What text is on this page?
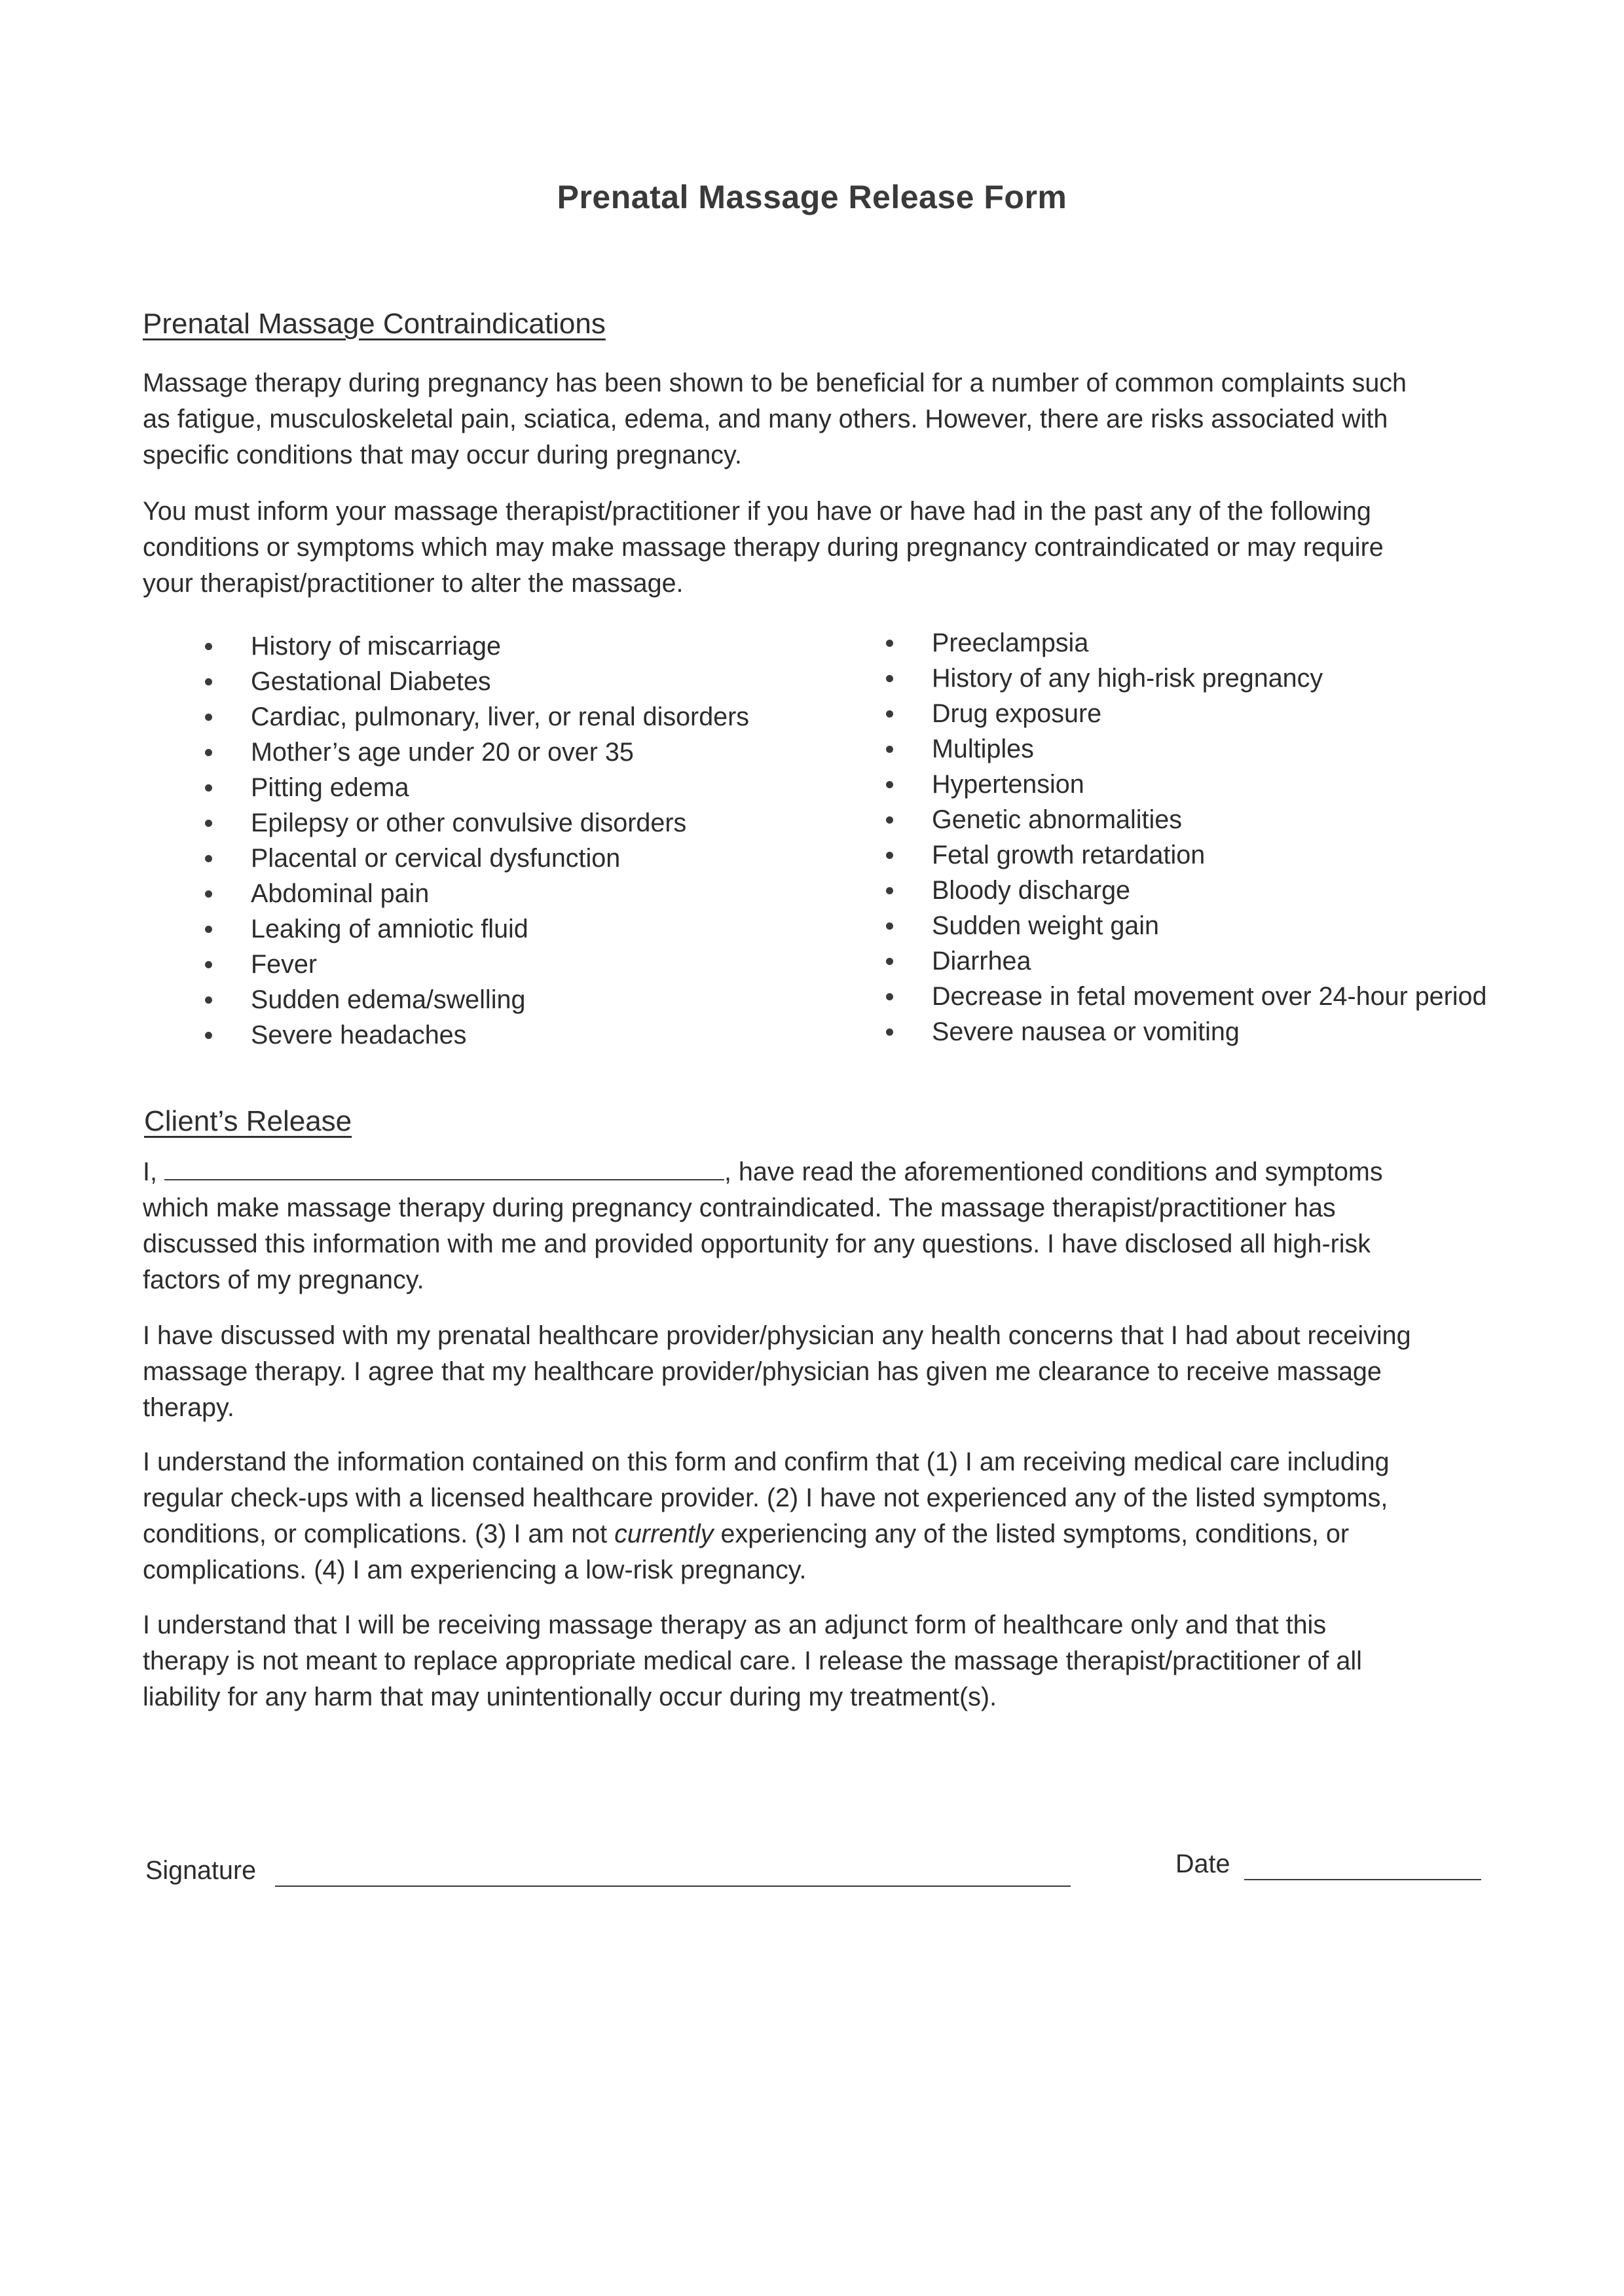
Prenatal Massage Release Form
Prenatal Massage Contraindications
Massage therapy during pregnancy has been shown to be beneficial for a number of common complaints such
as fatigue, musculoskeletal pain, sciatica, edema, and many others. However, there are risks associated with
specific conditions that may occur during pregnancy.
You must inform your massage therapist/practitioner if you have or have had in the past any of the following
conditions or symptoms which may make massage therapy during pregnancy contraindicated or may require
your therapist/practitioner to alter the massage.
History of miscarriage
Gestational Diabetes
Cardiac, pulmonary, liver, or renal disorders
Mother’s age under 20 or over 35
Pitting edema
Epilepsy or other convulsive disorders
Placental or cervical dysfunction
Abdominal pain
Leaking of amniotic fluid
Fever
Sudden edema/swelling
Severe headaches
Preeclampsia
History of any high-risk pregnancy
Drug exposure
Multiples
Hypertension
Genetic abnormalities
Fetal growth retardation
Bloody discharge
Sudden weight gain
Diarrhea
Decrease in fetal movement over 24-hour period
Severe nausea or vomiting
Client’s Release
I,	, have read the aforementioned conditions and symptoms
which make massage therapy during pregnancy contraindicated. The massage therapist/practitioner has
discussed this information with me and provided opportunity for any questions. I have disclosed all high-risk
factors of my pregnancy.
I have discussed with my prenatal healthcare provider/physician any health concerns that I had about receiving
massage therapy. I agree that my healthcare provider/physician has given me clearance to receive massage
therapy.
I understand the information contained on this form and confirm that (1) I am receiving medical care including
regular check-ups with a licensed healthcare provider. (2) I have not experienced any of the listed symptoms,
conditions, or complications. (3) I am not currently experiencing any of the listed symptoms, conditions, or
complications. (4) I am experiencing a low-risk pregnancy.
I understand that I will be receiving massage therapy as an adjunct form of healthcare only and that this
therapy is not meant to replace appropriate medical care. I release the massage therapist/practitioner of all
liability for any harm that may unintentionally occur during my treatment(s).
Signature	Date
